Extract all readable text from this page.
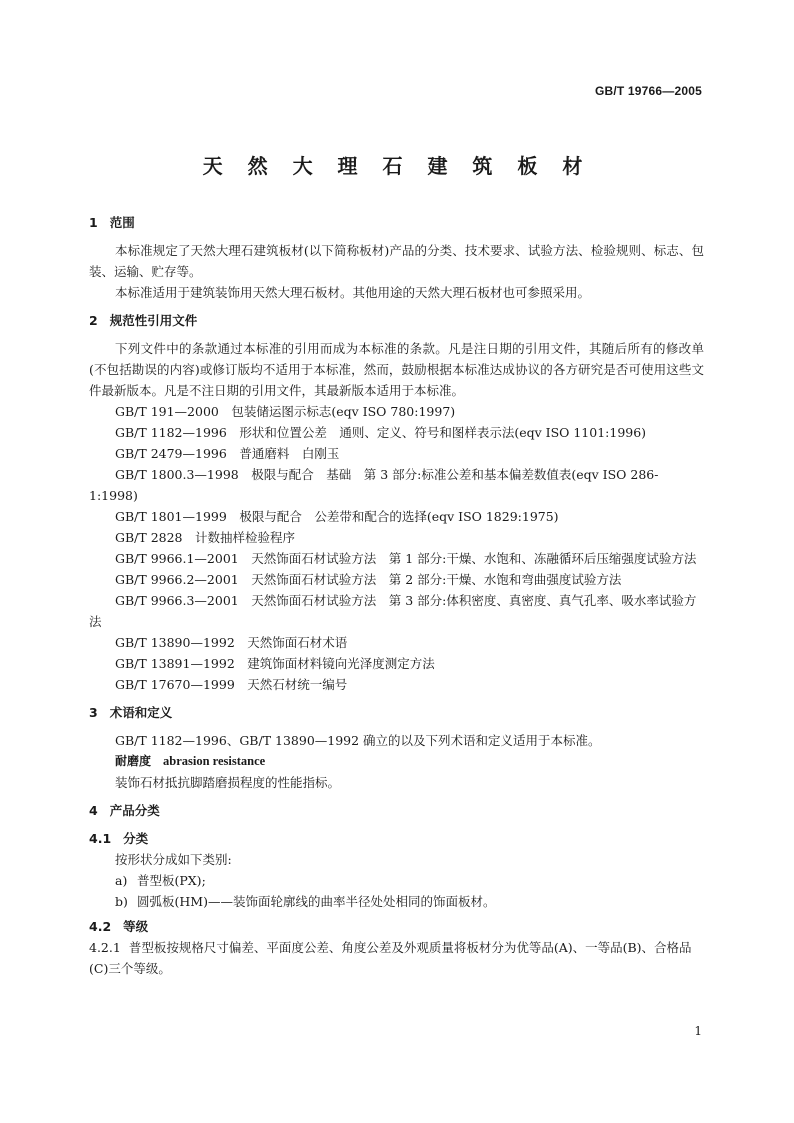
GB/T 19766—2005
天 然 大 理 石 建 筑 板 材
1 范围
本标准规定了天然大理石建筑板材(以下简称板材)产品的分类、技术要求、试验方法、检验规则、标志、包装、运输、贮存等。
本标准适用于建筑装饰用天然大理石板材。其他用途的天然大理石板材也可参照采用。
2 规范性引用文件
下列文件中的条款通过本标准的引用而成为本标准的条款。凡是注日期的引用文件，其随后所有的修改单(不包括勘误的内容)或修订版均不适用于本标准，然而，鼓励根据本标准达成协议的各方研究是否可使用这些文件最新版本。凡是不注日期的引用文件，其最新版本适用于本标准。
GB/T 191—2000　包装储运图示标志(eqv ISO 780:1997)
GB/T 1182—1996　形状和位置公差　通则、定义、符号和图样表示法(eqv ISO 1101:1996)
GB/T 2479—1996　普通磨料　白刚玉
GB/T 1800.3—1998　极限与配合　基础　第 3 部分:标准公差和基本偏差数值表(eqv ISO 286-1:1998)
GB/T 1801—1999　极限与配合　公差带和配合的选择(eqv ISO 1829:1975)
GB/T 2828　计数抽样检验程序
GB/T 9966.1—2001　天然饰面石材试验方法　第 1 部分:干燥、水饱和、冻融循环后压缩强度试验方法
GB/T 9966.2—2001　天然饰面石材试验方法　第 2 部分:干燥、水饱和弯曲强度试验方法
GB/T 9966.3—2001　天然饰面石材试验方法　第 3 部分:体积密度、真密度、真气孔率、吸水率试验方法
GB/T 13890—1992　天然饰面石材术语
GB/T 13891—1992　建筑饰面材料镜向光泽度测定方法
GB/T 17670—1999　天然石材统一编号
3 术语和定义
GB/T 1182—1996、GB/T 13890—1992 确立的以及下列术语和定义适用于本标准。
耐磨度 abrasion resistance
装饰石材抵抗脚踏磨损程度的性能指标。
4 产品分类
4.1 分类
按形状分成如下类别:
a) 普型板(PX);
b) 圆弧板(HM)——装饰面轮廓线的曲率半径处处相同的饰面板材。
4.2 等级
4.2.1 普型板按规格尺寸偏差、平面度公差、角度公差及外观质量将板材分为优等品(A)、一等品(B)、合格品(C)三个等级。
1
